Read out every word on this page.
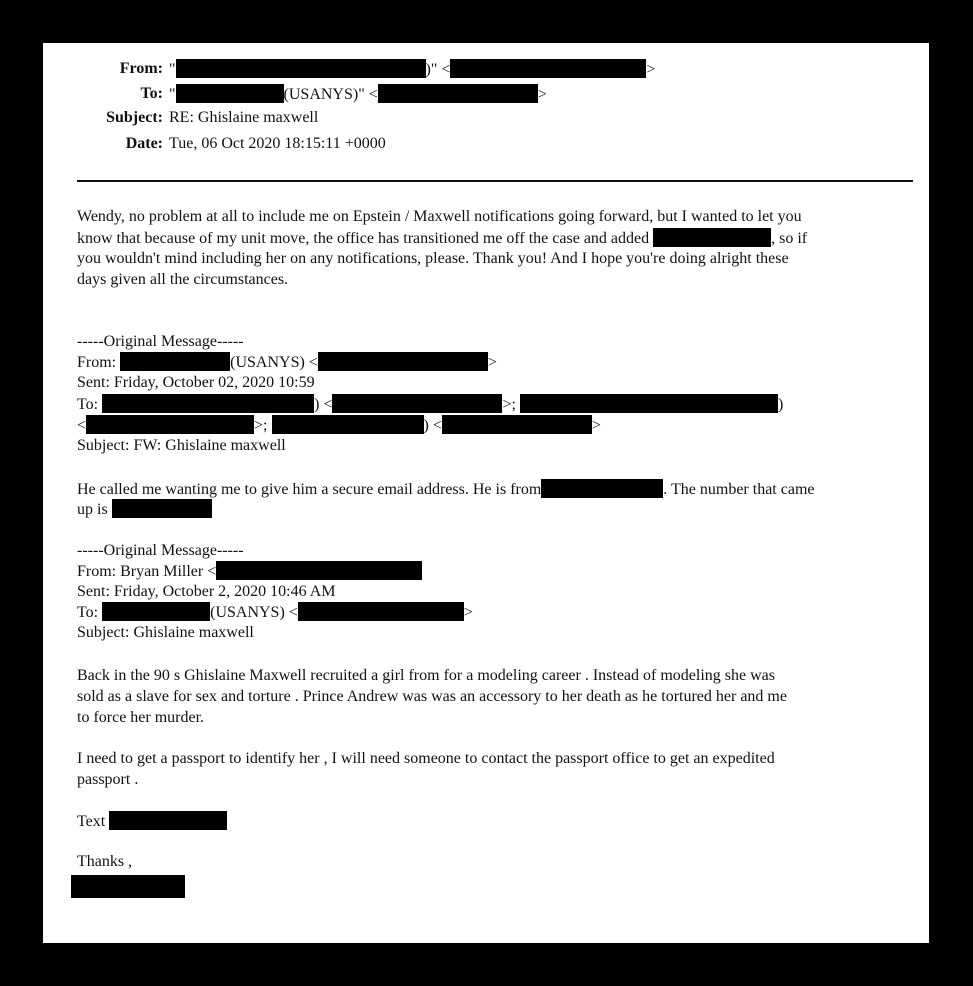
From: "	)" <	>
To: "	(USANYS)" <	>
Subject: RE: Ghislaine maxwell
Date: Tue, 06 Oct 2020 18:15:11 +0000
Wendy, no problem at all to include me on Epstein / Maxwell notifications going forward, but I wanted to let you
know that because of my unit move, the office has transitioned me off the case and added	, so if
you wouldn't mind including her on any notifications, please. Thank you! And I hope you're doing alright these
days given all the circumstances.
-----Original Message-----
From:	(USANYS) <	>
Sent: Friday, October 02, 2020 10:59
To:	) <	>;	)
<	>;	) <	>
Subject: FW: Ghislaine maxwell
He called me wanting me to give him a secure email address. He is from	. The number that came
up is
-----Original Message-----
From: Bryan Miller <
Sent: Friday, October 2, 2020 10:46 AM
To:	(USANYS) <	>
Subject: Ghislaine maxwell
Back in the 90 s Ghislaine Maxwell recruited a girl from for a modeling career . Instead of modeling she was
sold as a slave for sex and torture . Prince Andrew was was an accessory to her death as he tortured her and me
to force her murder.
I need to get a passport to identify her , I will need someone to contact the passport office to get an expedited
passport .
Text
Thanks ,
